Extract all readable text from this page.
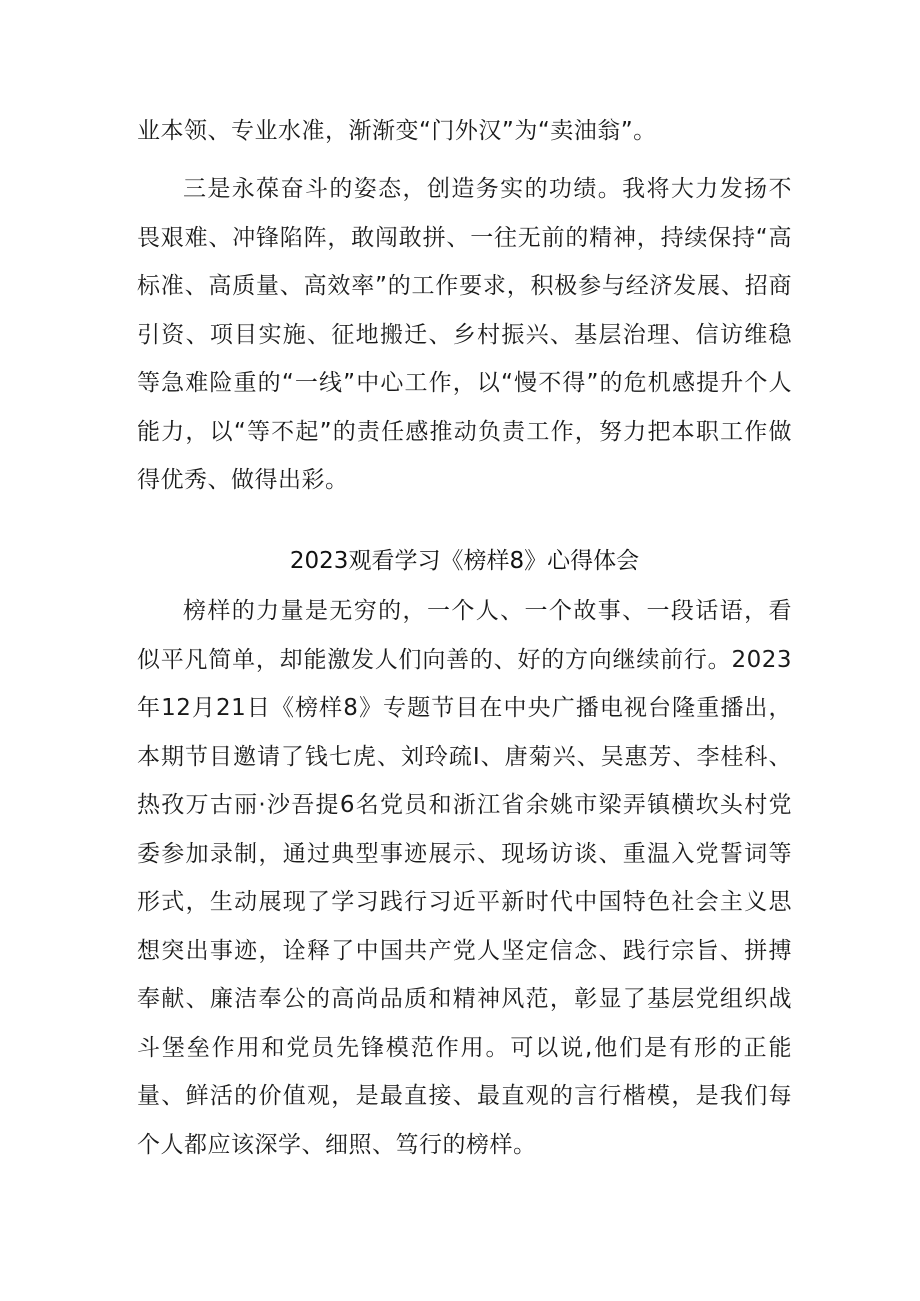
业本领、专业水准，渐渐变“门外汉”为“卖油翁”。

三是永葆奋斗的姿态，创造务实的功绩。我将大力发扬不畏艰难、冲锋陷阵，敢闯敢拼、一往无前的精神，持续保持“高标准、高质量、高效率”的工作要求，积极参与经济发展、招商引资、项目实施、征地搬迁、乡村振兴、基层治理、信访维稳等急难险重的“一线”中心工作，以“慢不得”的危机感提升个人能力，以“等不起”的责任感推动负责工作，努力把本职工作做得优秀、做得出彩。

2023观看学习《榜样8》心得体会

榜样的力量是无穷的，一个人、一个故事、一段话语，看似平凡简单，却能激发人们向善的、好的方向继续前行。2023年12月21日《榜样8》专题节目在中央广播电视台隆重播出，本期节目邀请了钱七虎、刘玲疏I、唐菊兴、吴惠芳、李桂科、热孜万古丽·沙吾提6名党员和浙江省余姚市梁弄镇横坎头村党委参加录制，通过典型事迹展示、现场访谈、重温入党誓词等形式，生动展现了学习践行习近平新时代中国特色社会主义思想突出事迹，诠释了中国共产党人坚定信念、践行宗旨、拼搏奉献、廉洁奉公的高尚品质和精神风范，彰显了基层党组织战斗堡垒作用和党员先锋模范作用。可以说,他们是有形的正能量、鲜活的价值观，是最直接、最直观的言行楷模，是我们每个人都应该深学、细照、笃行的榜样。
